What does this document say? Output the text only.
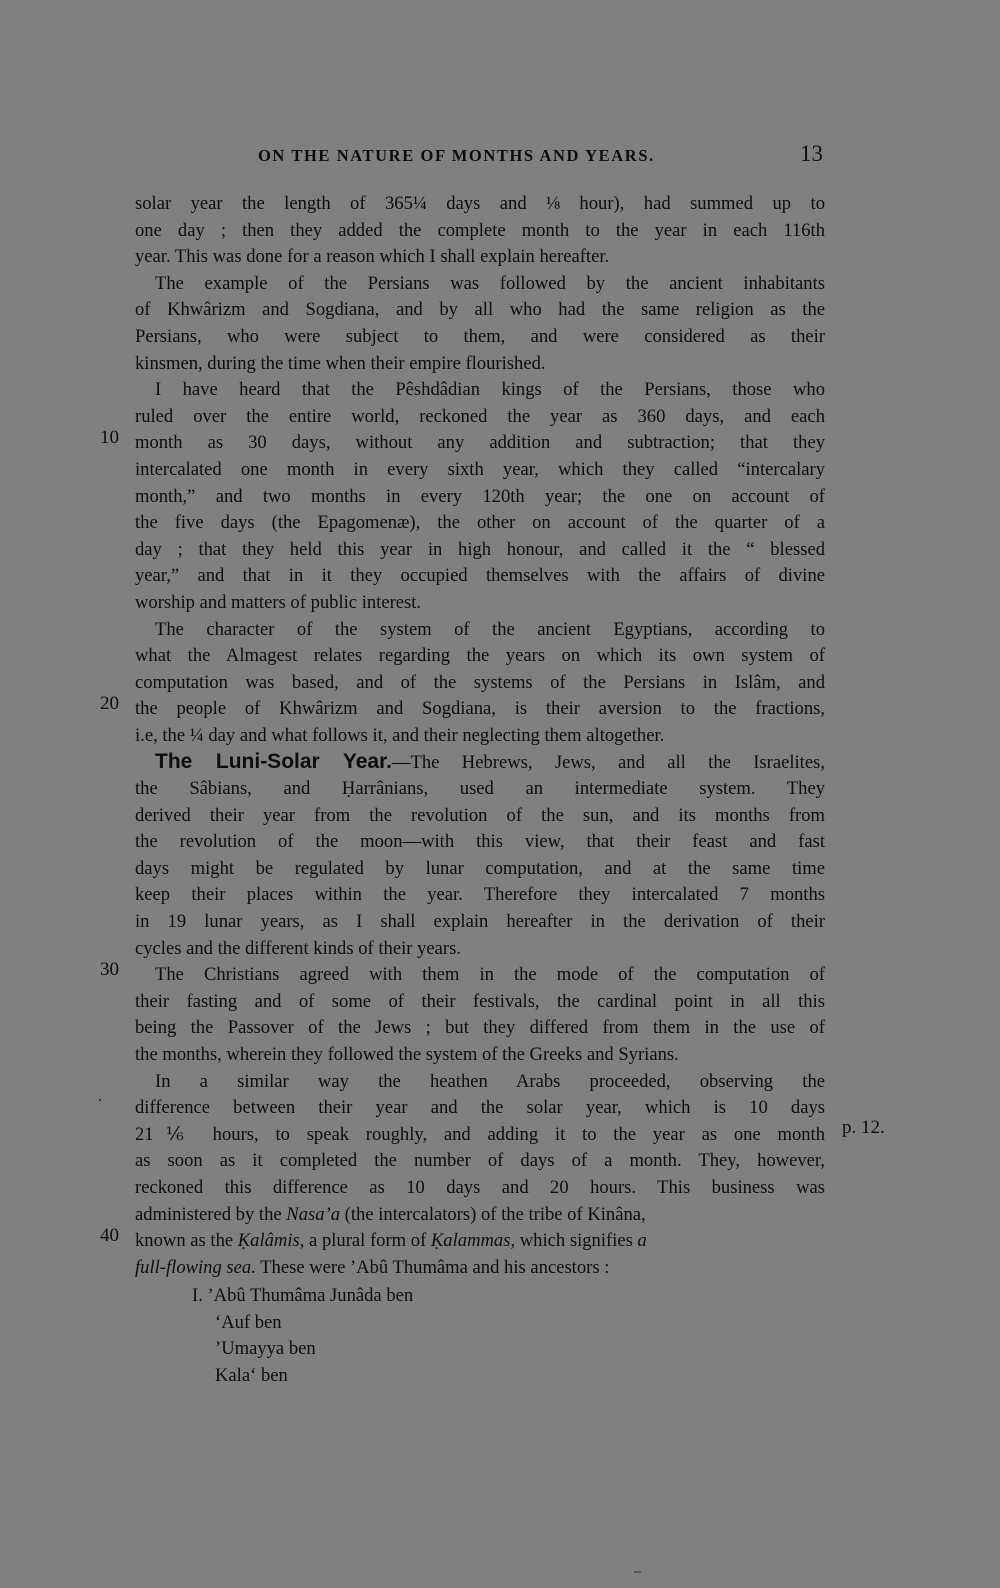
ON THE NATURE OF MONTHS AND YEARS.	13
solar year the length of 365¼ days and ⅛ hour), had summed up to
one day ; then they added the complete month to the year in each 116th
year. This was done for a reason which I shall explain hereafter.
The example of the Persians was followed by the ancient inhabitants
of Khwârizm and Sogdiana, and by all who had the same religion as the
Persians, who were subject to them, and were considered as their
kinsmen, during the time when their empire flourished.
I have heard that the Pêshdâdian kings of the Persians, those who
ruled over the entire world, reckoned the year as 360 days, and each
month as 30 days, without any addition and subtraction; that they
intercalated one month in every sixth year, which they called “intercalary
month,” and two months in every 120th year; the one on account of
the five days (the Epagomenæ), the other on account of the quarter of a
day ; that they held this year in high honour, and called it the “ blessed
year,” and that in it they occupied themselves with the affairs of divine
worship and matters of public interest.
The character of the system of the ancient Egyptians, according to
what the Almagest relates regarding the years on which its own system of
computation was based, and of the systems of the Persians in Islâm, and
the people of Khwârizm and Sogdiana, is their aversion to the fractions,
i.e, the ¼ day and what follows it, and their neglecting them altogether.
The Luni-Solar Year.—The Hebrews, Jews, and all the Israelites,
the Sâbians, and Ḥarrânians, used an intermediate system. They
derived their year from the revolution of the sun, and its months from
the revolution of the moon—with this view, that their feast and fast
days might be regulated by lunar computation, and at the same time
keep their places within the year. Therefore they intercalated 7 months
in 19 lunar years, as I shall explain hereafter in the derivation of their
cycles and the different kinds of their years.
The Christians agreed with them in the mode of the computation of
their fasting and of some of their festivals, the cardinal point in all this
being the Passover of the Jews ; but they differed from them in the use of
the months, wherein they followed the system of the Greeks and Syrians.
In a similar way the heathen Arabs proceeded, observing the
difference between their year and the solar year, which is 10 days
21⅙ hours, to speak roughly, and adding it to the year as one month
as soon as it completed the number of days of a month. They, however,
reckoned this difference as 10 days and 20 hours. This business was
administered by the Nasa’a (the intercalators) of the tribe of Kinâna,
known as the Ḳalâmis, a plural form of Ḳalammas, which signifies a
full-flowing sea. These were ’Abû Thumâma and his ancestors :
10
20
30
40
.
p. 12.
I. ’Abû Thumâma Junâda ben
‘Auf ben
’Umayya ben
Kala‘ ben
